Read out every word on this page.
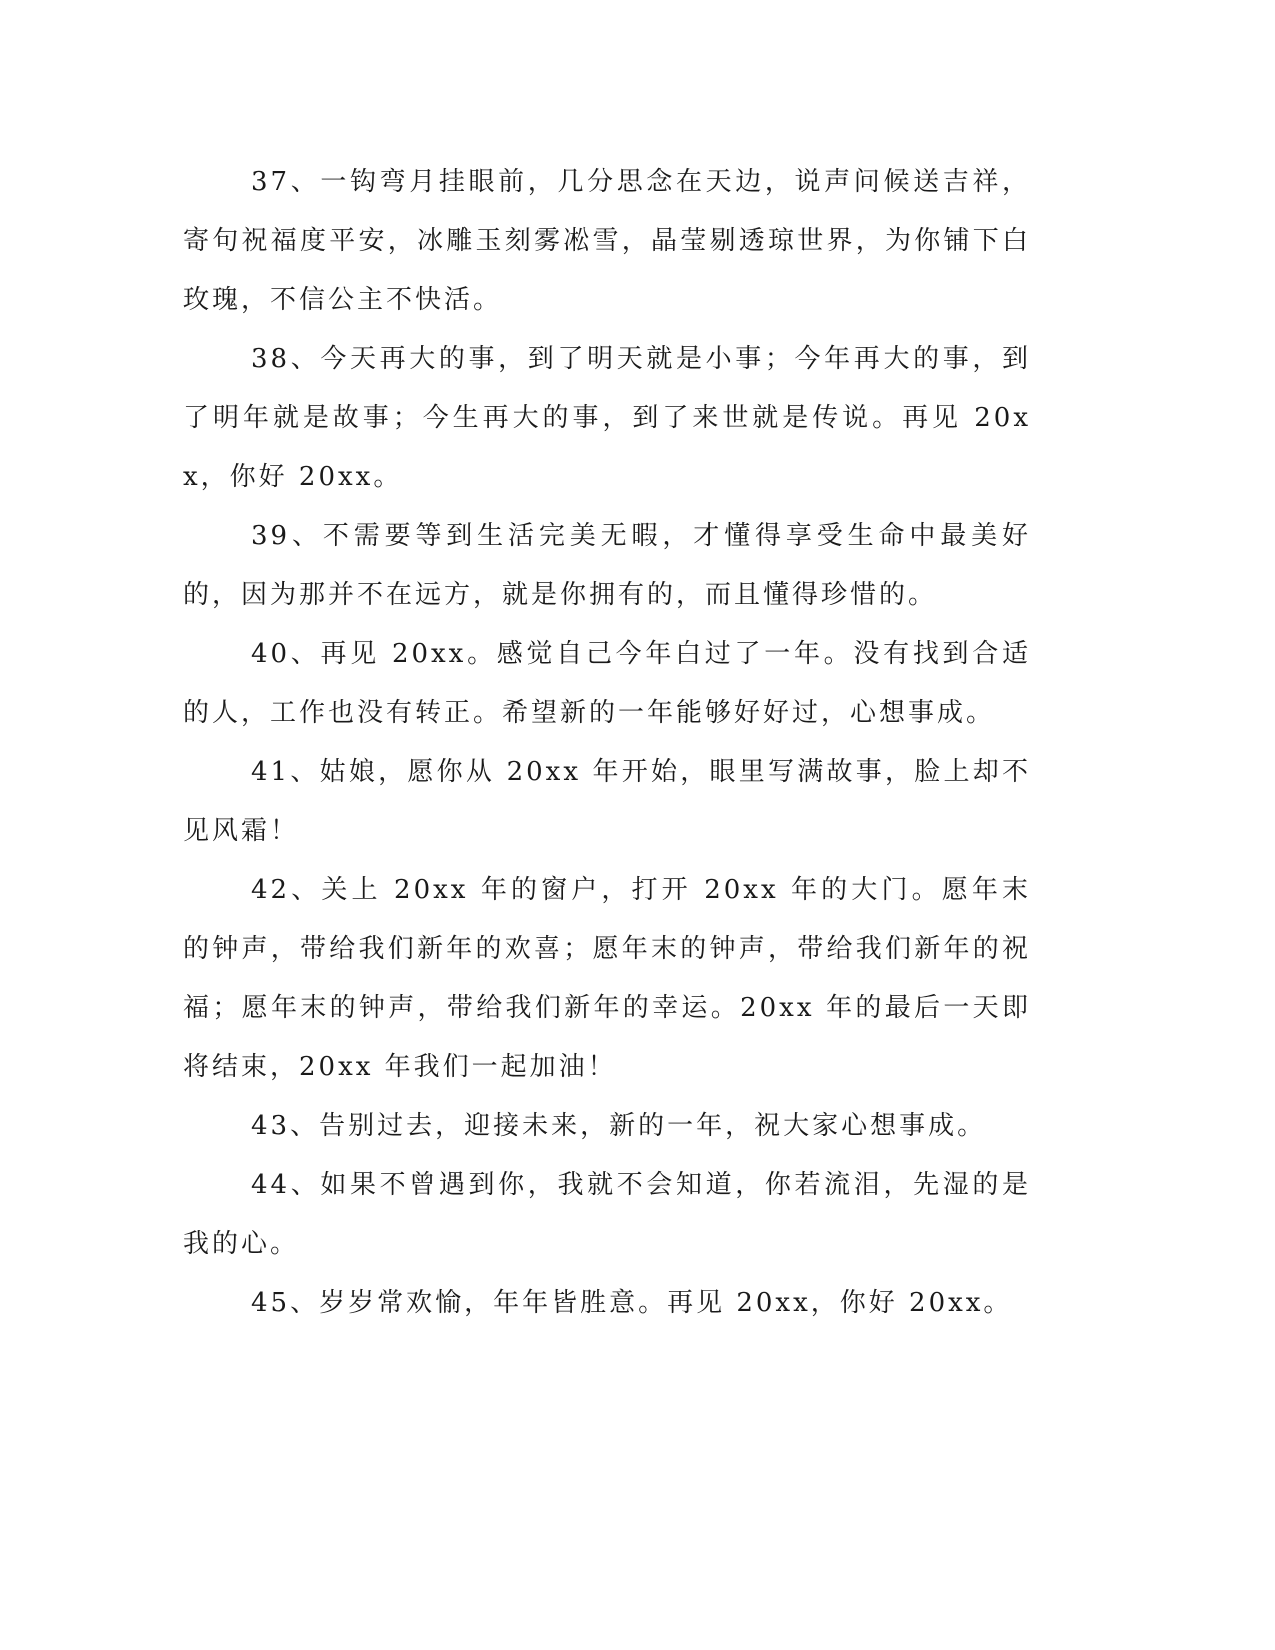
37、一钩弯月挂眼前，几分思念在天边，说声问候送吉祥，寄句祝福度平安，冰雕玉刻雾凇雪，晶莹剔透琼世界，为你铺下白玫瑰，不信公主不快活。

38、今天再大的事，到了明天就是小事；今年再大的事，到了明年就是故事；今生再大的事，到了来世就是传说。再见 20xx，你好 20xx。

39、不需要等到生活完美无暇，才懂得享受生命中最美好的，因为那并不在远方，就是你拥有的，而且懂得珍惜的。

40、再见 20xx。感觉自己今年白过了一年。没有找到合适的人，工作也没有转正。希望新的一年能够好好过，心想事成。

41、姑娘，愿你从 20xx 年开始，眼里写满故事，脸上却不见风霜！

42、关上 20xx 年的窗户，打开 20xx 年的大门。愿年末的钟声，带给我们新年的欢喜；愿年末的钟声，带给我们新年的祝福；愿年末的钟声，带给我们新年的幸运。20xx 年的最后一天即将结束，20xx 年我们一起加油！

43、告别过去，迎接未来，新的一年，祝大家心想事成。

44、如果不曾遇到你，我就不会知道，你若流泪，先湿的是我的心。

45、岁岁常欢愉，年年皆胜意。再见 20xx，你好 20xx。
